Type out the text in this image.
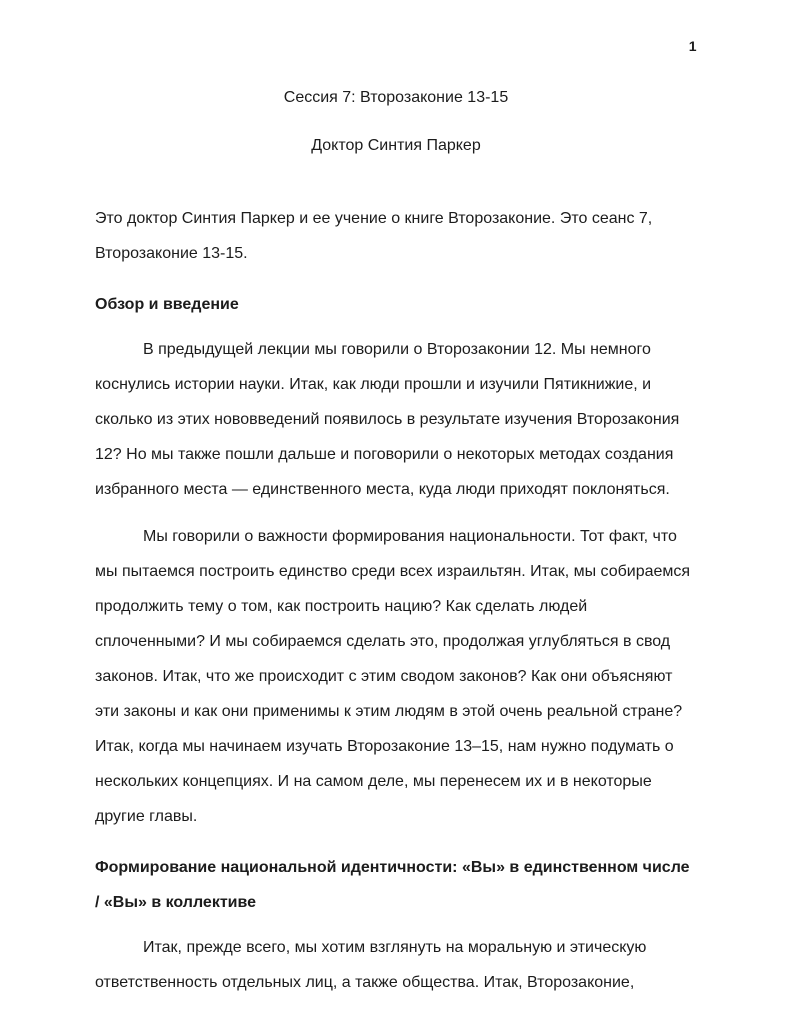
1
Сессия 7: Второзаконие 13-15
Доктор Синтия Паркер

Это доктор Синтия Паркер и ее учение о книге Второзаконие. Это сеанс 7, Второзаконие 13-15.

Обзор и введение

В предыдущей лекции мы говорили о Второзаконии 12. Мы немного коснулись истории науки. Итак, как люди прошли и изучили Пятикнижие, и сколько из этих нововведений появилось в результате изучения Второзакония 12? Но мы также пошли дальше и поговорили о некоторых методах создания избранного места — единственного места, куда люди приходят поклоняться.

Мы говорили о важности формирования национальности. Тот факт, что мы пытаемся построить единство среди всех израильтян. Итак, мы собираемся продолжить тему о том, как построить нацию? Как сделать людей сплоченными? И мы собираемся сделать это, продолжая углубляться в свод законов. Итак, что же происходит с этим сводом законов? Как они объясняют эти законы и как они применимы к этим людям в этой очень реальной стране? Итак, когда мы начинаем изучать Второзаконие 13–15, нам нужно подумать о нескольких концепциях. И на самом деле, мы перенесем их и в некоторые другие главы.

Формирование национальной идентичности: «Вы» в единственном числе / «Вы» в коллективе

Итак, прежде всего, мы хотим взглянуть на моральную и этическую ответственность отдельных лиц, а также общества. Итак, Второзаконие,
